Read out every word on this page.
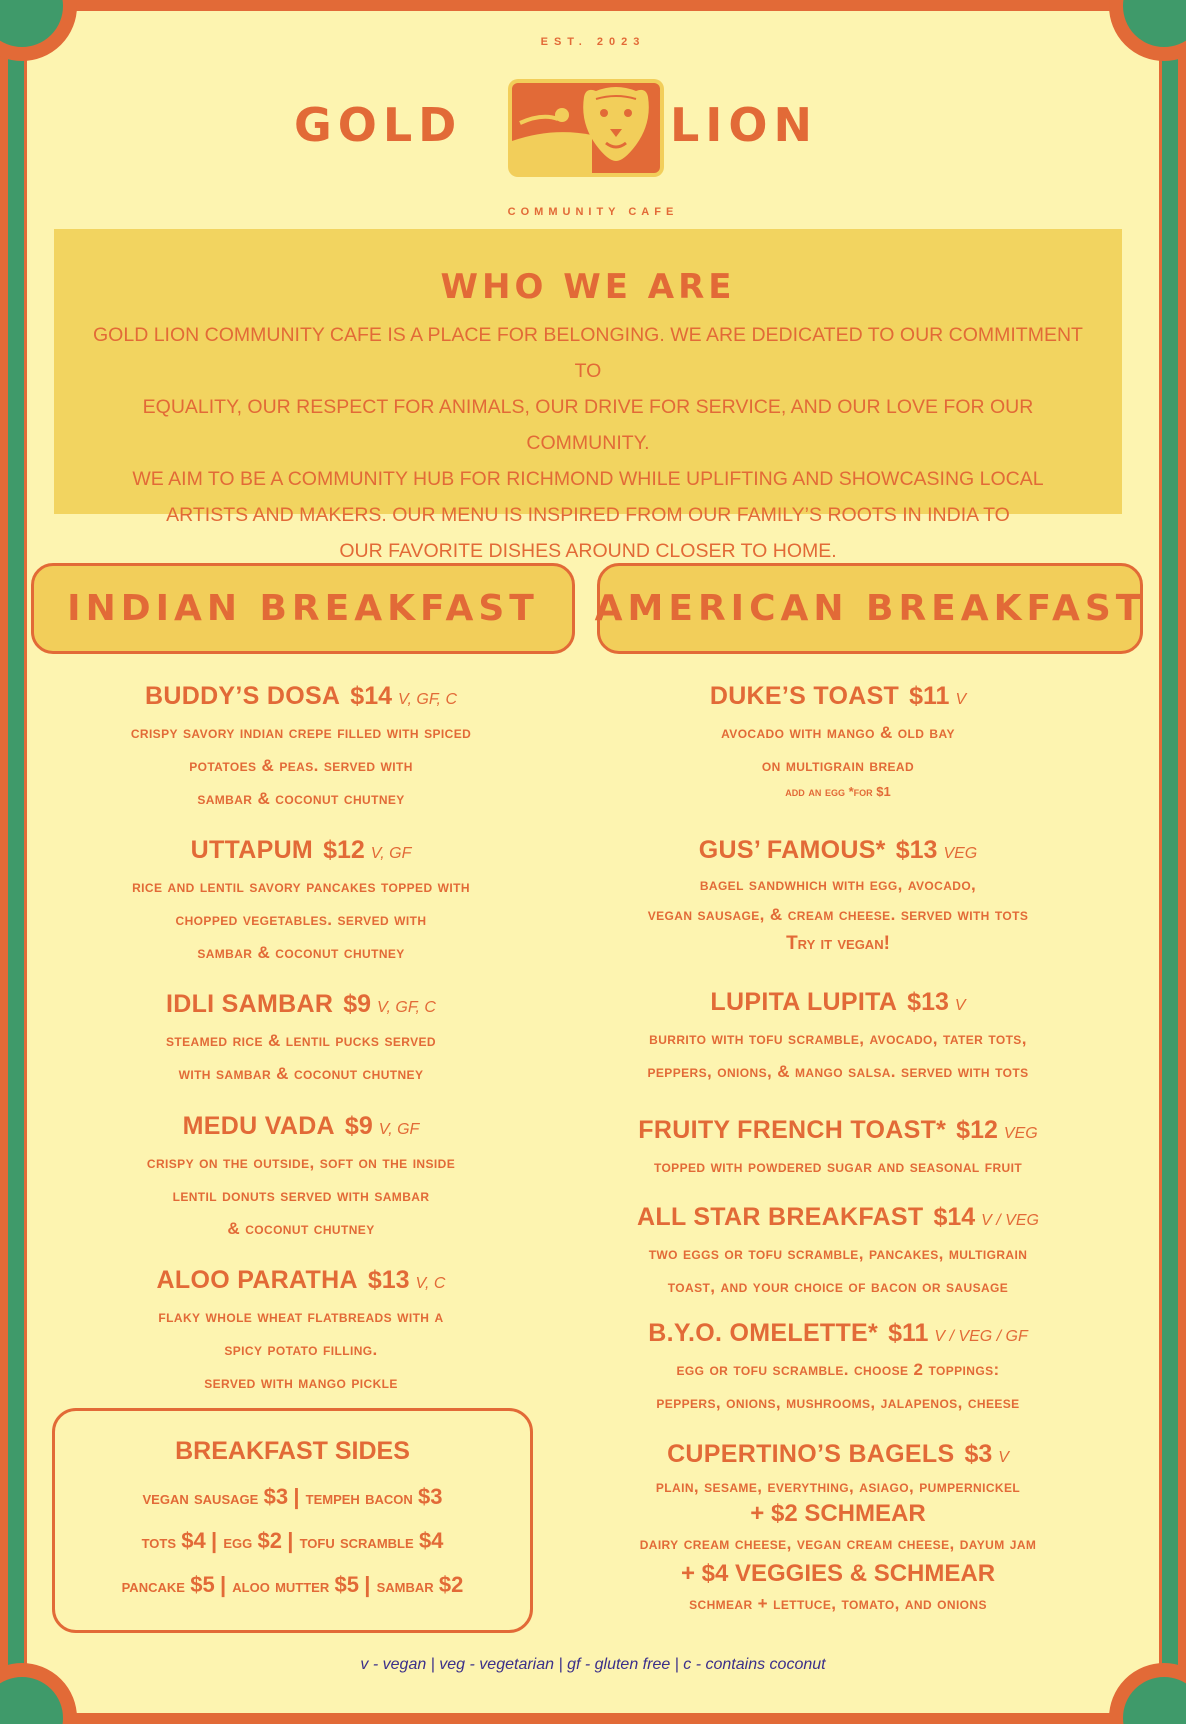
EST. 2023
GOLD	LION
COMMUNITY CAFE
WHO WE ARE

GOLD LION COMMUNITY CAFE IS A PLACE FOR BELONGING. WE ARE DEDICATED TO OUR COMMITMENT TO

EQUALITY, OUR RESPECT FOR ANIMALS, OUR DRIVE FOR SERVICE, AND OUR LOVE FOR OUR COMMUNITY.

WE AIM TO BE A COMMUNITY HUB FOR RICHMOND WHILE UPLIFTING AND SHOWCASING LOCAL

ARTISTS AND MAKERS. OUR MENU IS INSPIRED FROM OUR FAMILY’S ROOTS IN INDIA TO

OUR FAVORITE DISHES AROUND CLOSER TO HOME.

INDIAN BREAKFAST AMERICAN BREAKFAST
BUDDY’S DOSA $14 V, GF, C
crispy savory indian crepe filled with spiced
potatoes & peas. served with
sambar & coconut chutney
UTTAPUM $12 V, GF
rice and lentil savory pancakes topped with
chopped vegetables. served with
sambar & coconut chutney
IDLI SAMBAR $9 V, GF, C
steamed rice & lentil pucks served
with sambar & coconut chutney
MEDU VADA $9 V, GF
crispy on the outside, soft on the inside
lentil donuts served with sambar
& coconut chutney
ALOO PARATHA $13 V, C
flaky whole wheat flatbreads with a
spicy potato filling.
served with mango pickle
BREAKFAST SIDES
vegan sausage $3 | tempeh bacon $3
tots $4 | egg $2 | tofu scramble $4
pancake $5 | aloo mutter $5 | sambar $2
DUKE’S TOAST $11 V
avocado with mango & old bay
on multigrain bread
add an egg *for $1
GUS’ FAMOUS* $13 VEG
bagel sandwhich with egg, avocado,
vegan sausage, & cream cheese. served with tots
Try it vegan!
LUPITA LUPITA $13 V
burrito with tofu scramble, avocado, tater tots,
peppers, onions, & mango salsa. served with tots
FRUITY FRENCH TOAST* $12 VEG
topped with powdered sugar and seasonal fruit
ALL STAR BREAKFAST $14 V / VEG
two eggs or tofu scramble, pancakes, multigrain
toast, and your choice of bacon or sausage
B.Y.O. OMELETTE* $11 V / VEG / GF
egg or tofu scramble. choose 2 toppings:
peppers, onions, mushrooms, jalapenos, cheese
CUPERTINO’S BAGELS $3 V
plain, sesame, everything, asiago, pumpernickel
+ $2 SCHMEAR
dairy cream cheese, vegan cream cheese, dayum jam
+ $4 VEGGIES & SCHMEAR
schmear + lettuce, tomato, and onions
v - vegan | veg - vegetarian | gf - gluten free | c - contains coconut
